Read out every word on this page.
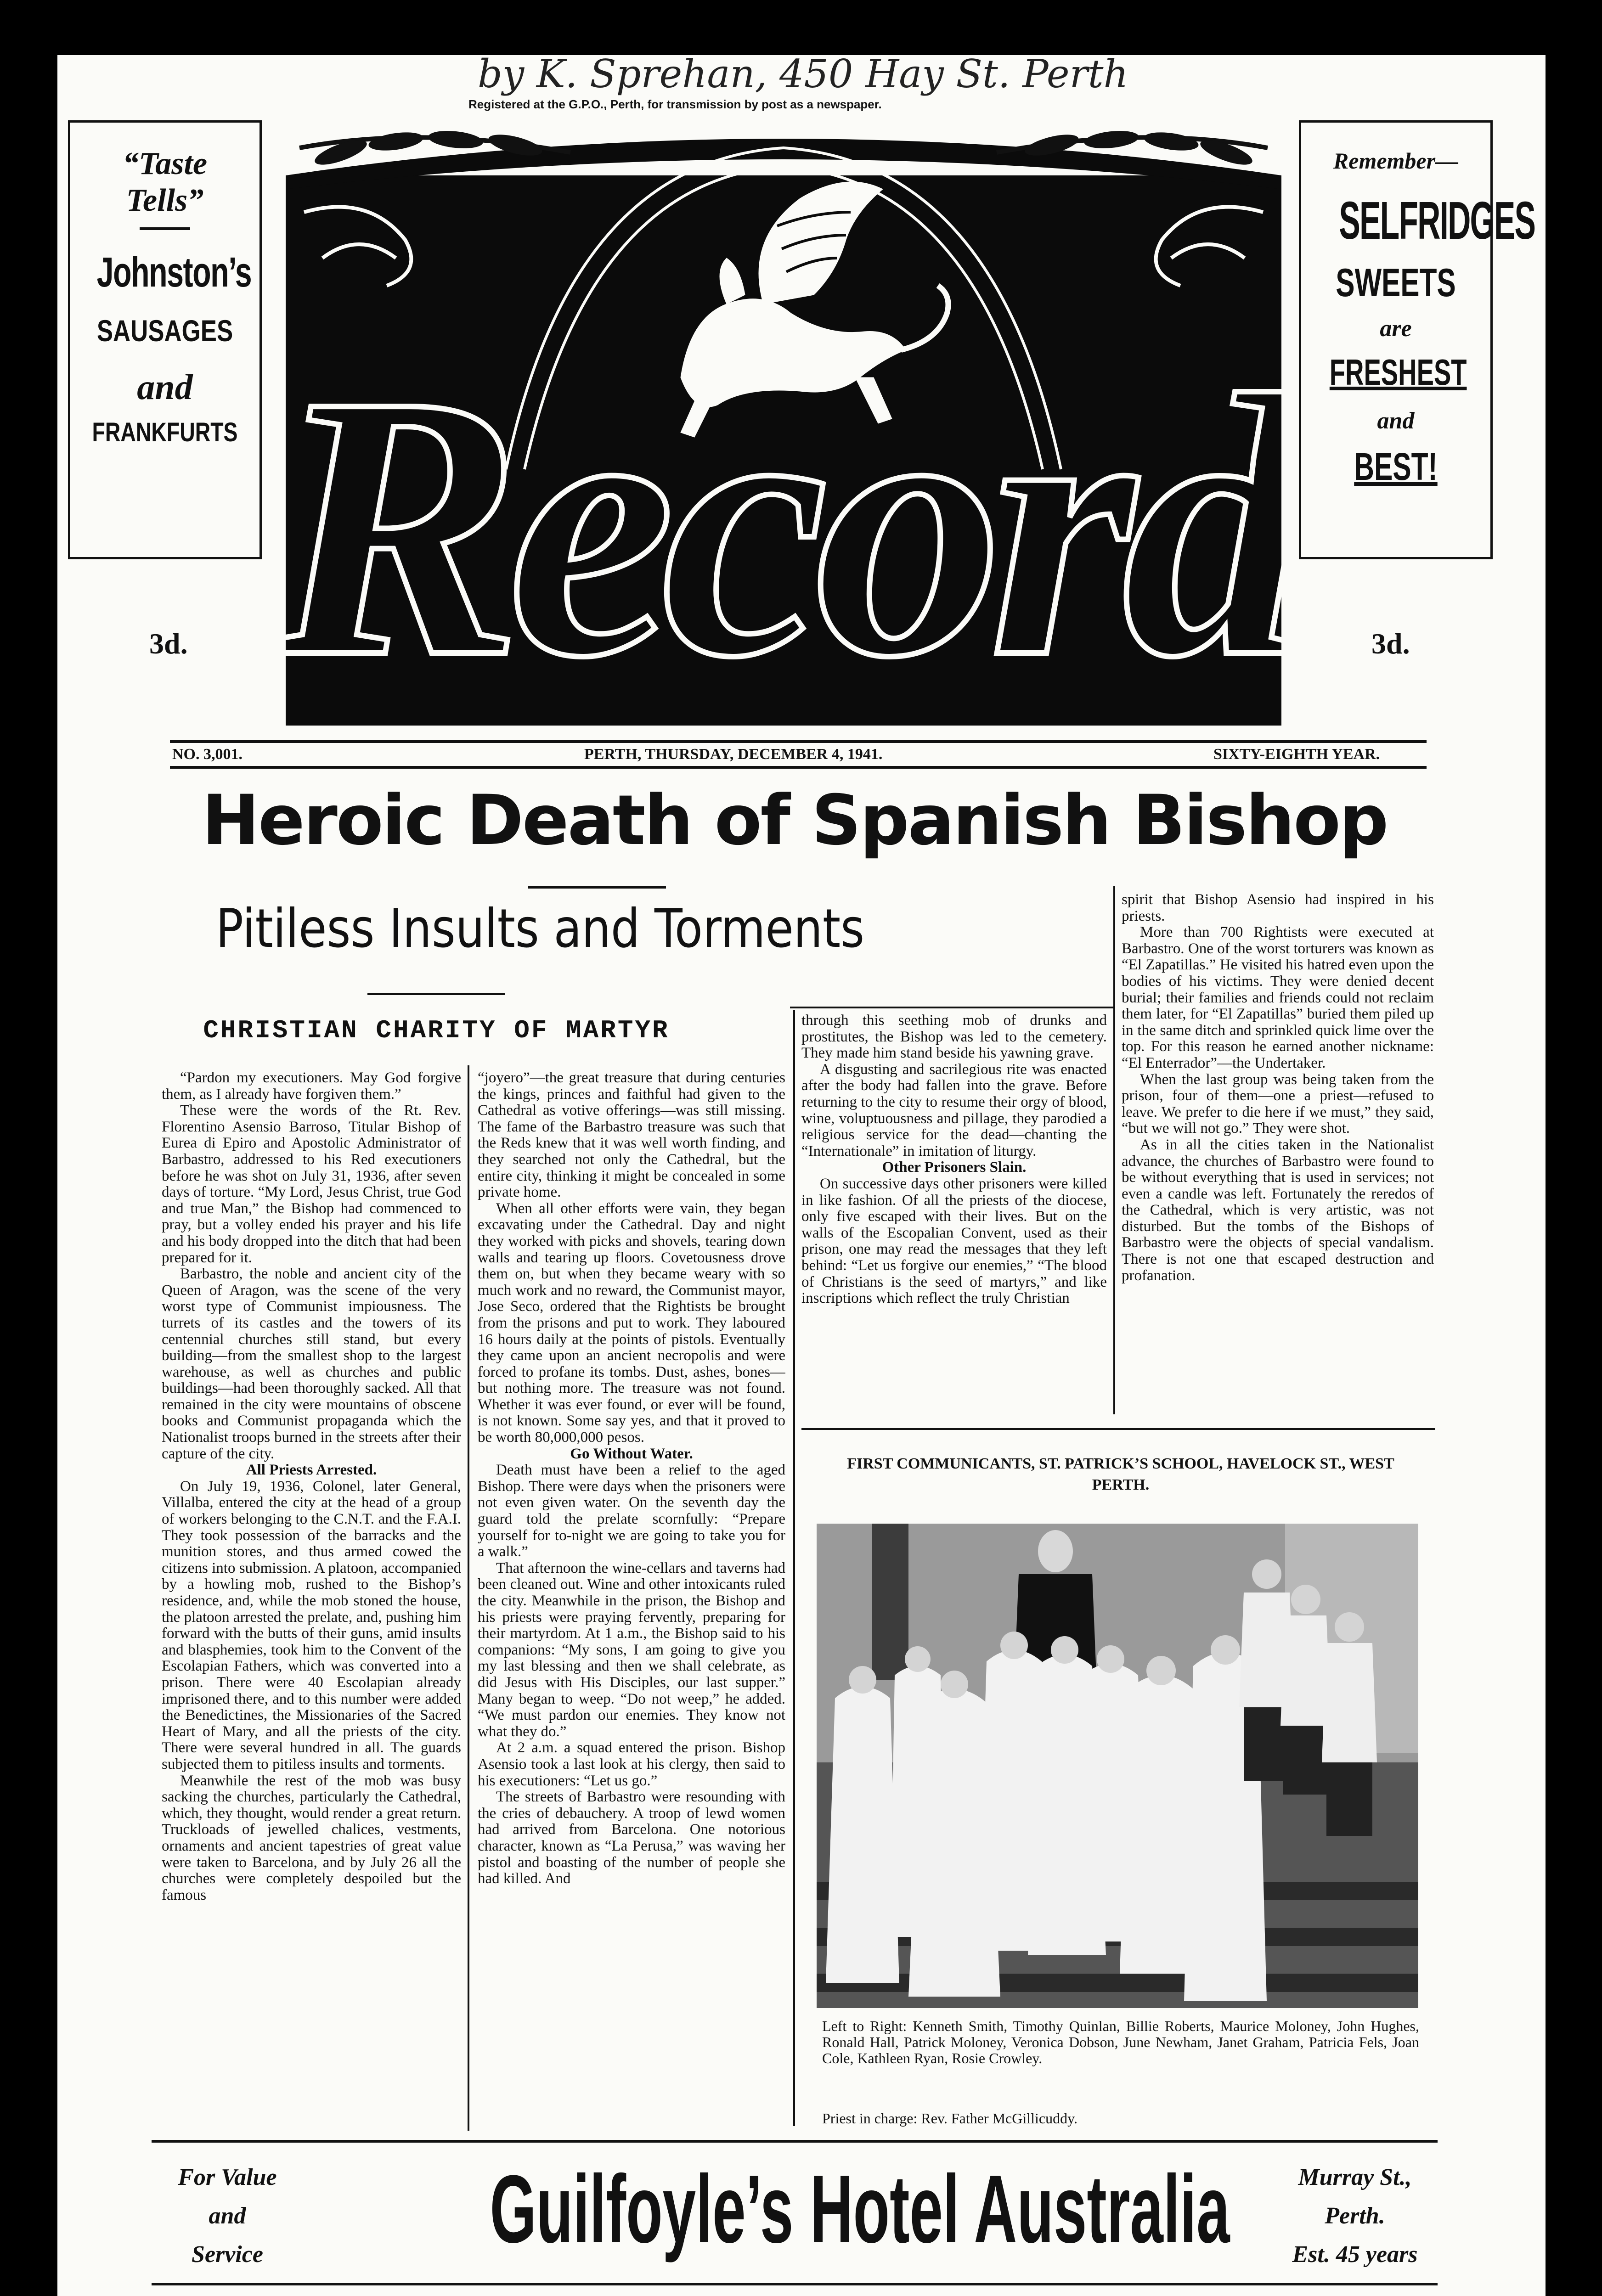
by K. Sprehan, 450 Hay St. Perth
Registered at the G.P.O., Perth, for transmission by post as a newspaper.
“Taste
Tells”
Johnston’s
SAUSAGES
and
FRANKFURTS
Remember—
SELFRIDGES
SWEETS
are
FRESHEST
and
BEST!
Record
3d.	3d.
NO. 3,001.	PERTH, THURSDAY, DECEMBER 4, 1941.	SIXTY-EIGHTH YEAR.
Heroic Death of Spanish Bishop
Pitiless Insults and Torments
CHRISTIAN CHARITY OF MARTYR

“Pardon my executioners. May God forgive them, as I already have forgiven them.”

These were the words of the Rt. Rev. Florentino Asensio Barroso, Titular Bishop of Eurea di Epiro and Apostolic Administrator of Barbastro, addressed to his Red executioners before he was shot on July 31, 1936, after seven days of torture. “My Lord, Jesus Christ, true God and true Man,” the Bishop had commenced to pray, but a volley ended his prayer and his life and his body dropped into the ditch that had been prepared for it.

Barbastro, the noble and ancient city of the Queen of Aragon, was the scene of the very worst type of Communist impiousness. The turrets of its castles and the towers of its centennial churches still stand, but every building—from the smallest shop to the largest warehouse, as well as churches and public buildings—had been thoroughly sacked. All that remained in the city were mountains of obscene books and Communist propaganda which the Nationalist troops burned in the streets after their capture of the city.

All Priests Arrested.

On July 19, 1936, Colonel, later General, Villalba, entered the city at the head of a group of workers belonging to the C.N.T. and the F.A.I. They took possession of the barracks and the munition stores, and thus armed cowed the citizens into submission. A platoon, accompanied by a howling mob, rushed to the Bishop’s residence, and, while the mob stoned the house, the platoon arrested the prelate, and, pushing him forward with the butts of their guns, amid insults and blasphemies, took him to the Convent of the Escolapian Fathers, which was converted into a prison. There were 40 Escolapian already imprisoned there, and to this number were added the Benedictines, the Missionaries of the Sacred Heart of Mary, and all the priests of the city. There were several hundred in all. The guards subjected them to pitiless insults and torments.

Meanwhile the rest of the mob was busy sacking the churches, particularly the Cathedral, which, they thought, would render a great return. Truckloads of jewelled chalices, vestments, ornaments and ancient tapestries of great value were taken to Barcelona, and by July 26 all the churches were completely despoiled but the famous

“joyero”—the great treasure that during centuries the kings, princes and faithful had given to the Cathedral as votive offerings—was still missing. The fame of the Barbastro treasure was such that the Reds knew that it was well worth finding, and they searched not only the Cathedral, but the entire city, thinking it might be concealed in some private home.

When all other efforts were vain, they began excavating under the Cathedral. Day and night they worked with picks and shovels, tearing down walls and tearing up floors. Covetousness drove them on, but when they became weary with so much work and no reward, the Communist mayor, Jose Seco, ordered that the Rightists be brought from the prisons and put to work. They laboured 16 hours daily at the points of pistols. Eventually they came upon an ancient necropolis and were forced to profane its tombs. Dust, ashes, bones—but nothing more. The treasure was not found. Whether it was ever found, or ever will be found, is not known. Some say yes, and that it proved to be worth 80,000,000 pesos.

Go Without Water.

Death must have been a relief to the aged Bishop. There were days when the prisoners were not even given water. On the seventh day the guard told the prelate scornfully: “Prepare yourself for to-night we are going to take you for a walk.”

That afternoon the wine-cellars and taverns had been cleaned out. Wine and other intoxicants ruled the city. Meanwhile in the prison, the Bishop and his priests were praying fervently, preparing for their martyrdom. At 1 a.m., the Bishop said to his companions: “My sons, I am going to give you my last blessing and then we shall celebrate, as did Jesus with His Disciples, our last supper.” Many began to weep. “Do not weep,” he added. “We must pardon our enemies. They know not what they do.”

At 2 a.m. a squad entered the prison. Bishop Asensio took a last look at his clergy, then said to his executioners: “Let us go.”

The streets of Barbastro were resounding with the cries of debauchery. A troop of lewd women had arrived from Barcelona. One notorious character, known as “La Perusa,” was waving her pistol and boasting of the number of people she had killed. And

through this seething mob of drunks and prostitutes, the Bishop was led to the cemetery. They made him stand beside his yawning grave.

A disgusting and sacrilegious rite was enacted after the body had fallen into the grave. Before returning to the city to resume their orgy of blood, wine, voluptuousness and pillage, they parodied a religious service for the dead—chanting the “Internationale” in imitation of liturgy.

Other Prisoners Slain.

On successive days other prisoners were killed in like fashion. Of all the priests of the diocese, only five escaped with their lives. But on the walls of the Escopalian Convent, used as their prison, one may read the messages that they left behind: “Let us forgive our enemies,” “The blood of Christians is the seed of martyrs,” and like inscriptions which reflect the truly Christian

spirit that Bishop Asensio had inspired in his priests.

More than 700 Rightists were executed at Barbastro. One of the worst torturers was known as “El Zapatillas.” He visited his hatred even upon the bodies of his victims. They were denied decent burial; their families and friends could not reclaim them later, for “El Zapatillas” buried them piled up in the same ditch and sprinkled quick lime over the top. For this reason he earned another nickname: “El Enterrador”—the Undertaker.

When the last group was being taken from the prison, four of them—one a priest—refused to leave. We prefer to die here if we must,” they said, “but we will not go.” They were shot.

As in all the cities taken in the Nationalist advance, the churches of Barbastro were found to be without everything that is used in services; not even a candle was left. Fortunately the reredos of the Cathedral, which is very artistic, was not disturbed. But the tombs of the Bishops of Barbastro were the objects of special vandalism. There is not one that escaped destruction and profanation.

FIRST COMMUNICANTS, ST. PATRICK’S SCHOOL, HAVELOCK ST., WEST PERTH.
Left to Right: Kenneth Smith, Timothy Quinlan, Billie Roberts, Maurice Moloney, John Hughes, Ronald Hall, Patrick Moloney, Veronica Dobson, June Newham, Janet Graham, Patricia Fels, Joan Cole, Kathleen Ryan, Rosie Crowley.
Priest in charge: Rev. Father McGillicuddy.
For Value
and
Service	Guilfoyle’s Hotel Australia	Murray St.,
Perth.
Est. 45 years
